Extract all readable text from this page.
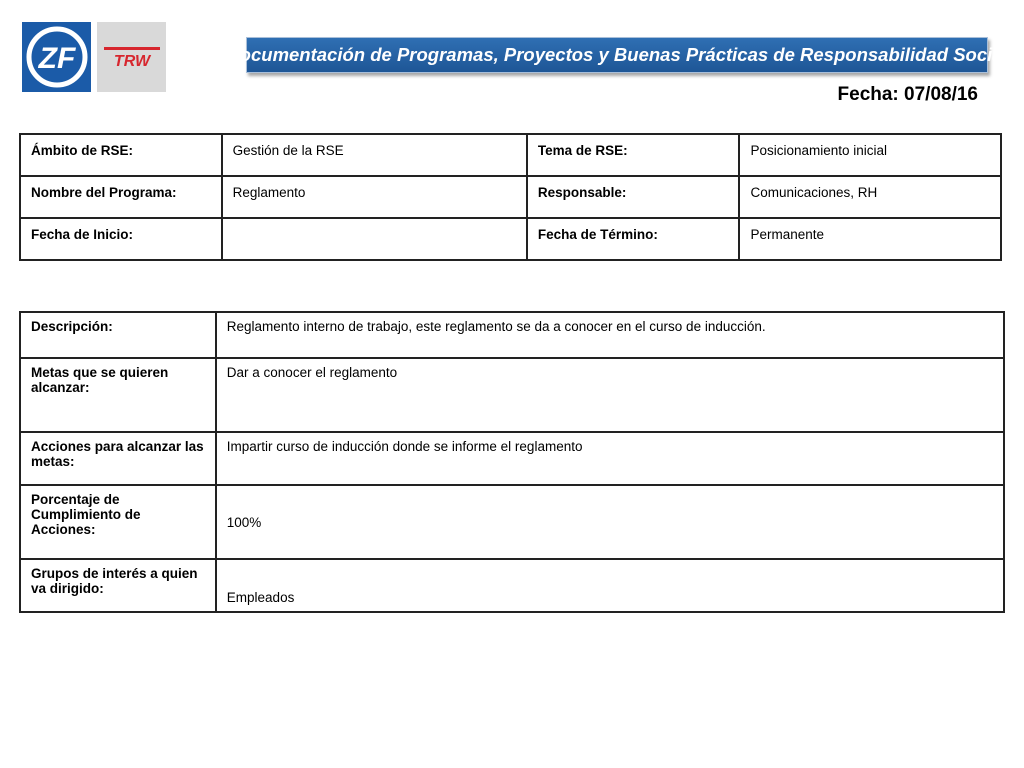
ZF TRW	Documentación de Programas, Proyectos y Buenas Prácticas de Responsabilidad Social
Fecha: 07/08/16
Ámbito de RSE:	Gestión de la RSE	Tema de RSE:	Posicionamiento inicial
Nombre del Programa:	Reglamento	Responsable:	Comunicaciones, RH
Fecha de Inicio:		Fecha de Término:	Permanente
Descripción:	Reglamento interno de trabajo, este reglamento se da a conocer en el curso de inducción.
Metas que se quieren alcanzar:	Dar a conocer el reglamento
Acciones para alcanzar las metas:	Impartir curso de inducción donde se informe el reglamento
Porcentaje de Cumplimiento de Acciones:	100%
Grupos de interés a quien va dirigido:	Empleados
